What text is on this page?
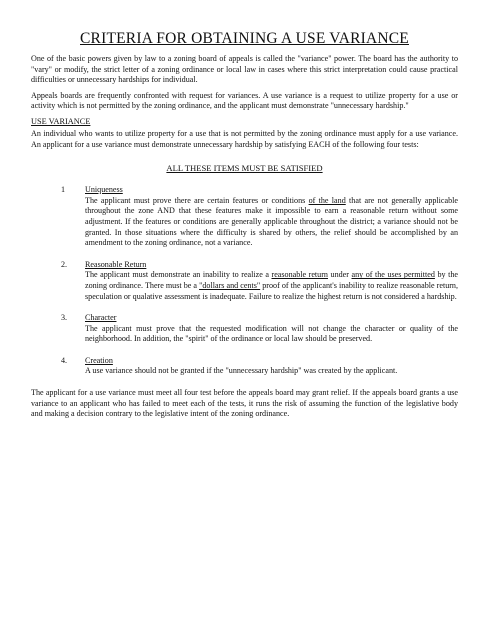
CRITERIA FOR OBTAINING A USE VARIANCE

One of the basic powers given by law to a zoning board of appeals is called the "variance" power. The board has the authority to "vary" or modify, the strict letter of a zoning ordinance or local law in cases where this strict interpretation could cause practical difficulties or unnecessary hardships for individual.

Appeals boards are frequently confronted with request for variances. A use variance is a request to utilize property for a use or activity which is not permitted by the zoning ordinance, and the applicant must demonstrate "unnecessary hardship."

USE VARIANCE

An individual who wants to utilize property for a use that is not permitted by the zoning ordinance must apply for a use variance. An applicant for a use variance must demonstrate unnecessary hardship by satisfying EACH of the following four tests:

ALL THESE ITEMS MUST BE SATISFIED
1	Uniqueness

The applicant must prove there are certain features or conditions of the land that are not generally applicable throughout the zone AND that these features make it impossible to earn a reasonable return without some adjustment. If the features or conditions are generally applicable throughout the district; a variance should not be granted. In those situations where the difficulty is shared by others, the relief should be accomplished by an amendment to the zoning ordinance, not a variance.

2.	Reasonable Return

The applicant must demonstrate an inability to realize a reasonable return under any of the uses permitted by the zoning ordinance. There must be a "dollars and cents" proof of the applicant's inability to realize reasonable return, speculation or qualative assessment is inadequate. Failure to realize the highest return is not considered a hardship.

3.	Character

The applicant must prove that the requested modification will not change the character or quality of the neighborhood. In addition, the "spirit" of the ordinance or local law should be preserved.

4.	Creation

A use variance should not be granted if the "unnecessary hardship" was created by the applicant.

The applicant for a use variance must meet all four test before the appeals board may grant relief. If the appeals board grants a use variance to an applicant who has failed to meet each of the tests, it runs the risk of assuming the function of the legislative body and making a decision contrary to the legislative intent of the zoning ordinance.
